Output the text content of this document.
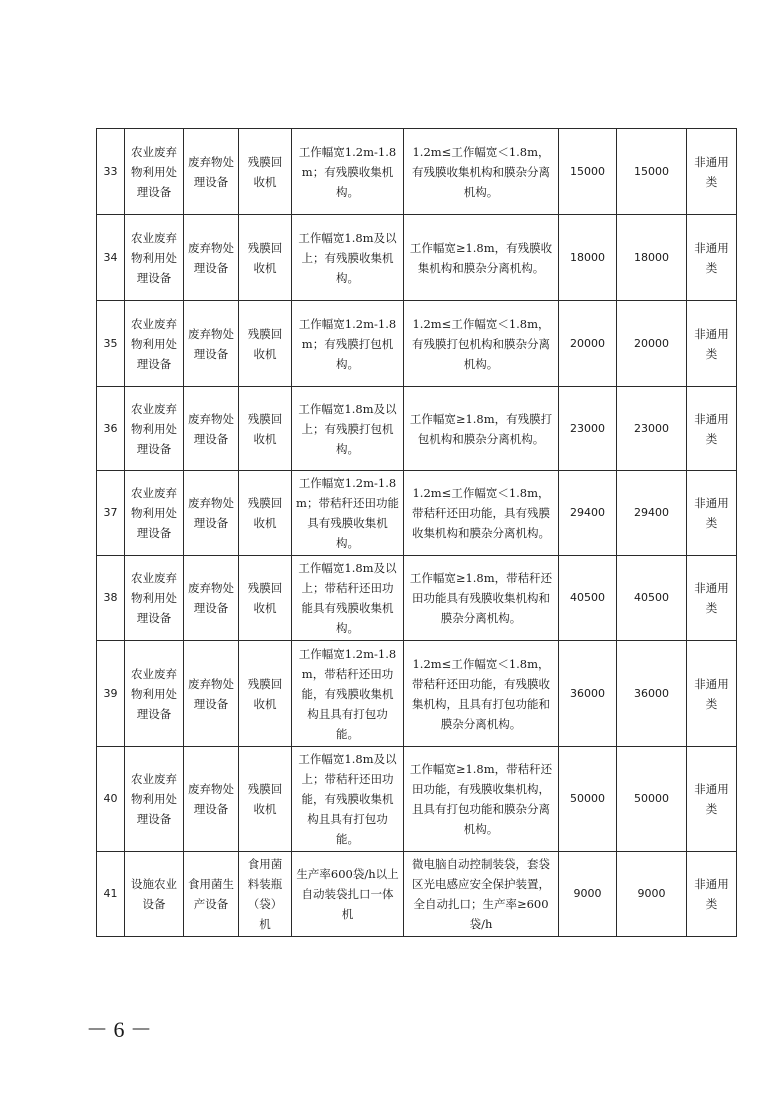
33	农业废弃物利用处理设备	废弃物处理设备	残膜回收机	工作幅宽1.2m-1.8m；有残膜收集机构。	1.2m≤工作幅宽＜1.8m，有残膜收集机构和膜杂分离机构。	15000	15000	非通用类
34	农业废弃物利用处理设备	废弃物处理设备	残膜回收机	工作幅宽1.8m及以上；有残膜收集机构。	工作幅宽≥1.8m，有残膜收集机构和膜杂分离机构。	18000	18000	非通用类
35	农业废弃物利用处理设备	废弃物处理设备	残膜回收机	工作幅宽1.2m-1.8m；有残膜打包机构。	1.2m≤工作幅宽＜1.8m，有残膜打包机构和膜杂分离机构。	20000	20000	非通用类
36	农业废弃物利用处理设备	废弃物处理设备	残膜回收机	工作幅宽1.8m及以上；有残膜打包机构。	工作幅宽≥1.8m，有残膜打包机构和膜杂分离机构。	23000	23000	非通用类
37	农业废弃物利用处理设备	废弃物处理设备	残膜回收机	工作幅宽1.2m-1.8m；带秸秆还田功能具有残膜收集机构。	1.2m≤工作幅宽＜1.8m，带秸秆还田功能，具有残膜收集机构和膜杂分离机构。	29400	29400	非通用类
38	农业废弃物利用处理设备	废弃物处理设备	残膜回收机	工作幅宽1.8m及以上；带秸秆还田功能具有残膜收集机构。	工作幅宽≥1.8m，带秸秆还田功能具有残膜收集机构和膜杂分离机构。	40500	40500	非通用类
39	农业废弃物利用处理设备	废弃物处理设备	残膜回收机	工作幅宽1.2m-1.8m，带秸秆还田功能，有残膜收集机构且具有打包功能。	1.2m≤工作幅宽＜1.8m，带秸秆还田功能，有残膜收集机构，且具有打包功能和膜杂分离机构。	36000	36000	非通用类
40	农业废弃物利用处理设备	废弃物处理设备	残膜回收机	工作幅宽1.8m及以上；带秸秆还田功能，有残膜收集机构且具有打包功能。	工作幅宽≥1.8m，带秸秆还田功能，有残膜收集机构，且具有打包功能和膜杂分离机构。	50000	50000	非通用类
41	设施农业设备	食用菌生产设备	食用菌料装瓶（袋）机	生产率600袋/h以上自动装袋扎口一体机	微电脑自动控制装袋，套袋区光电感应安全保护装置，全自动扎口；生产率≥600袋/h	9000	9000	非通用类
－ 6 －
